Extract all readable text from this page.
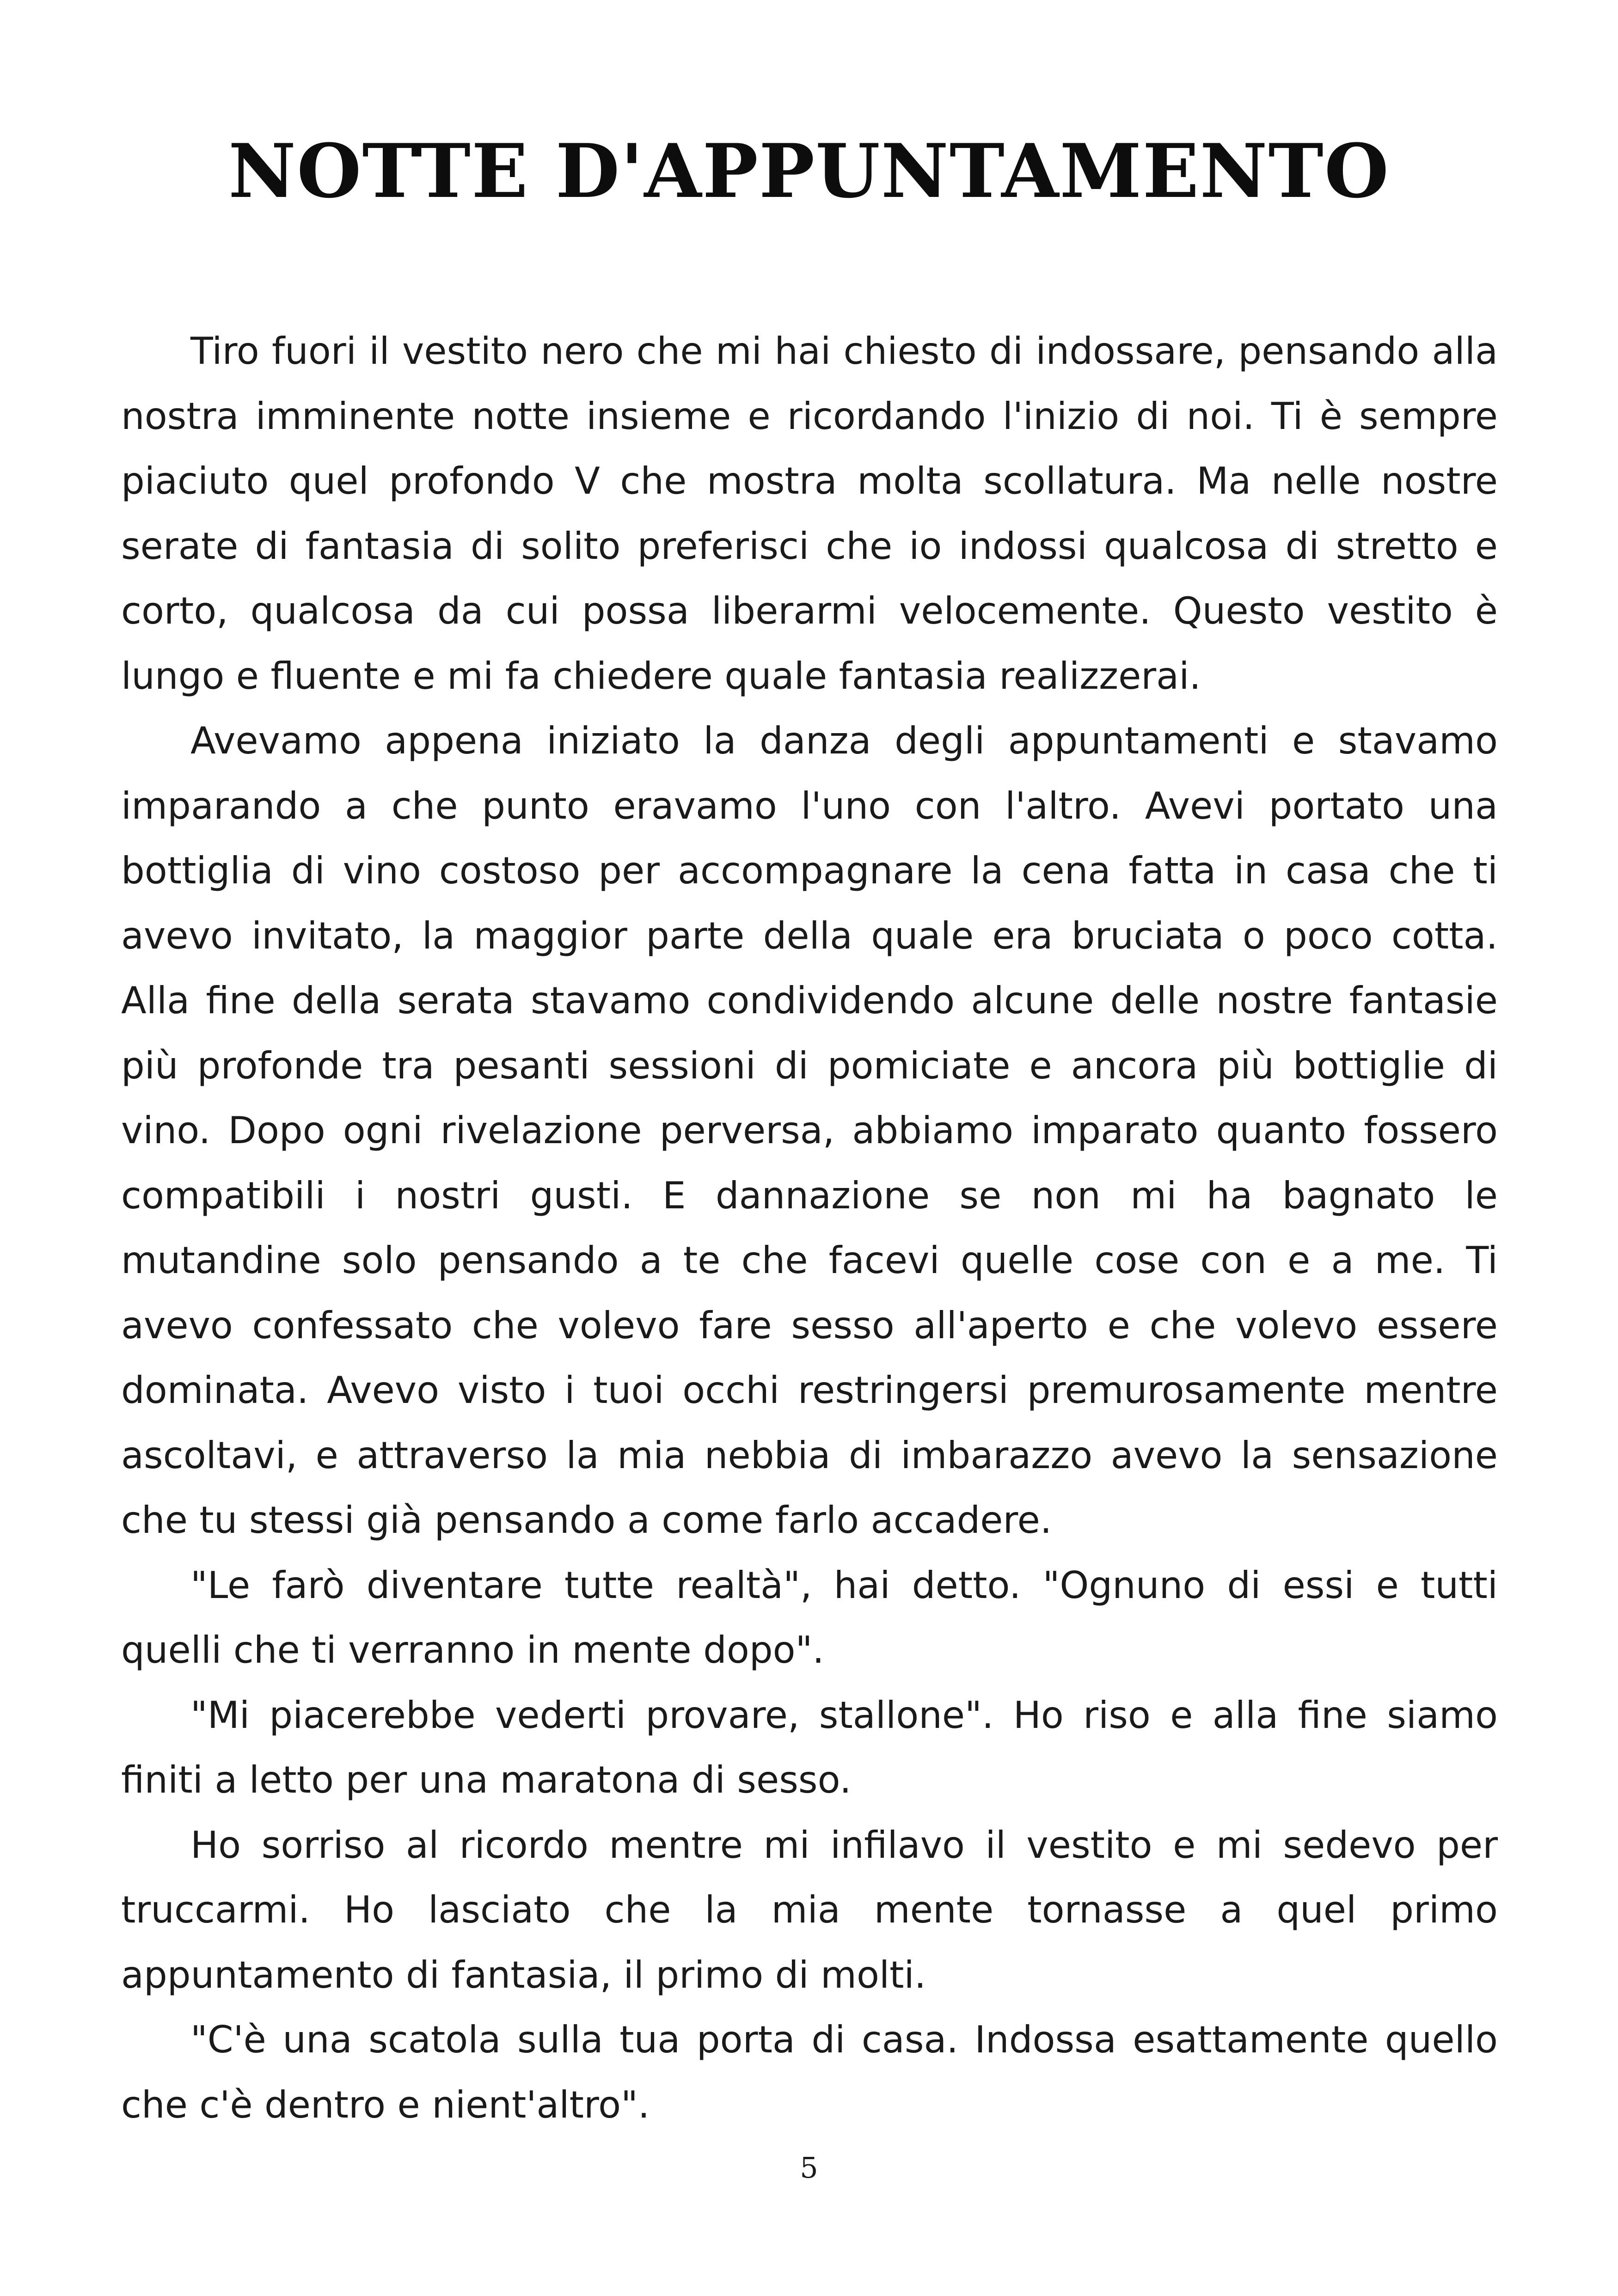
NOTTE D'APPUNTAMENTO

Tiro fuori il vestito nero che mi hai chiesto di indossare, pensando alla nostra imminente notte insieme e ricordando l'inizio di noi. Ti è sempre piaciuto quel profondo V che mostra molta scollatura. Ma nelle nostre serate di fantasia di solito preferisci che io indossi qualcosa di stretto e corto, qualcosa da cui possa liberarmi velocemente. Questo vestito è lungo e fluente e mi fa chiedere quale fantasia realizzerai.

Avevamo appena iniziato la danza degli appuntamenti e stavamo imparando a che punto eravamo l'uno con l'altro. Avevi portato una bottiglia di vino costoso per accompagnare la cena fatta in casa che ti avevo invitato, la maggior parte della quale era bruciata o poco cotta. Alla fine della serata stavamo condividendo alcune delle nostre fantasie più profonde tra pesanti sessioni di pomiciate e ancora più bottiglie di vino. Dopo ogni rivelazione perversa, abbiamo imparato quanto fossero compatibili i nostri gusti. E dannazione se non mi ha bagnato le mutandine solo pensando a te che facevi quelle cose con e a me. Ti avevo confessato che volevo fare sesso all'aperto e che volevo essere dominata. Avevo visto i tuoi occhi restringersi premurosamente mentre ascoltavi, e attraverso la mia nebbia di imbarazzo avevo la sensazione che tu stessi già pensando a come farlo accadere.

"Le farò diventare tutte realtà", hai detto. "Ognuno di essi e tutti quelli che ti verranno in mente dopo".

"Mi piacerebbe vederti provare, stallone". Ho riso e alla fine siamo finiti a letto per una maratona di sesso.

Ho sorriso al ricordo mentre mi infilavo il vestito e mi sedevo per truccarmi. Ho lasciato che la mia mente tornasse a quel primo appuntamento di fantasia, il primo di molti.

"C'è una scatola sulla tua porta di casa. Indossa esattamente quello che c'è dentro e nient'altro".

5
